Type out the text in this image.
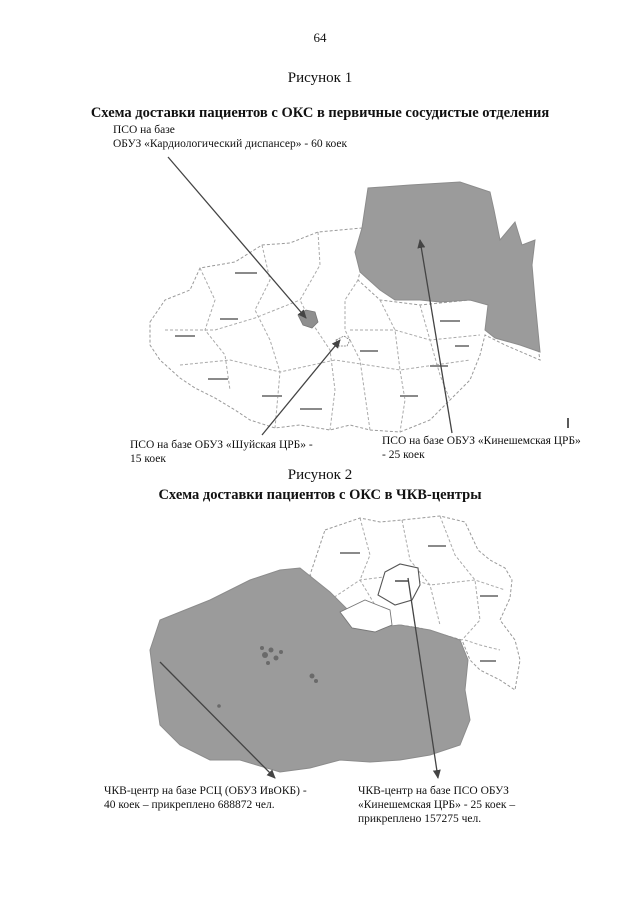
64
Рисунок 1
Схема доставки пациентов с ОКС в первичные сосудистые отделения
Рисунок 2
Схема доставки пациентов с ОКС в ЧКВ-центры
ПСО на базе
ОБУЗ «Кардиологический диспансер» - 60 коек
ПСО на базе ОБУЗ «Шуйская ЦРБ» -
15 коек
ПСО на базе ОБУЗ «Кинешемская ЦРБ»
- 25 коек
ЧКВ-центр на базе РСЦ (ОБУЗ ИвОКБ) -
40 коек – прикреплено 688872 чел.
ЧКВ-центр на базе ПСО ОБУЗ
«Кинешемская ЦРБ» - 25 коек –
прикреплено 157275 чел.
